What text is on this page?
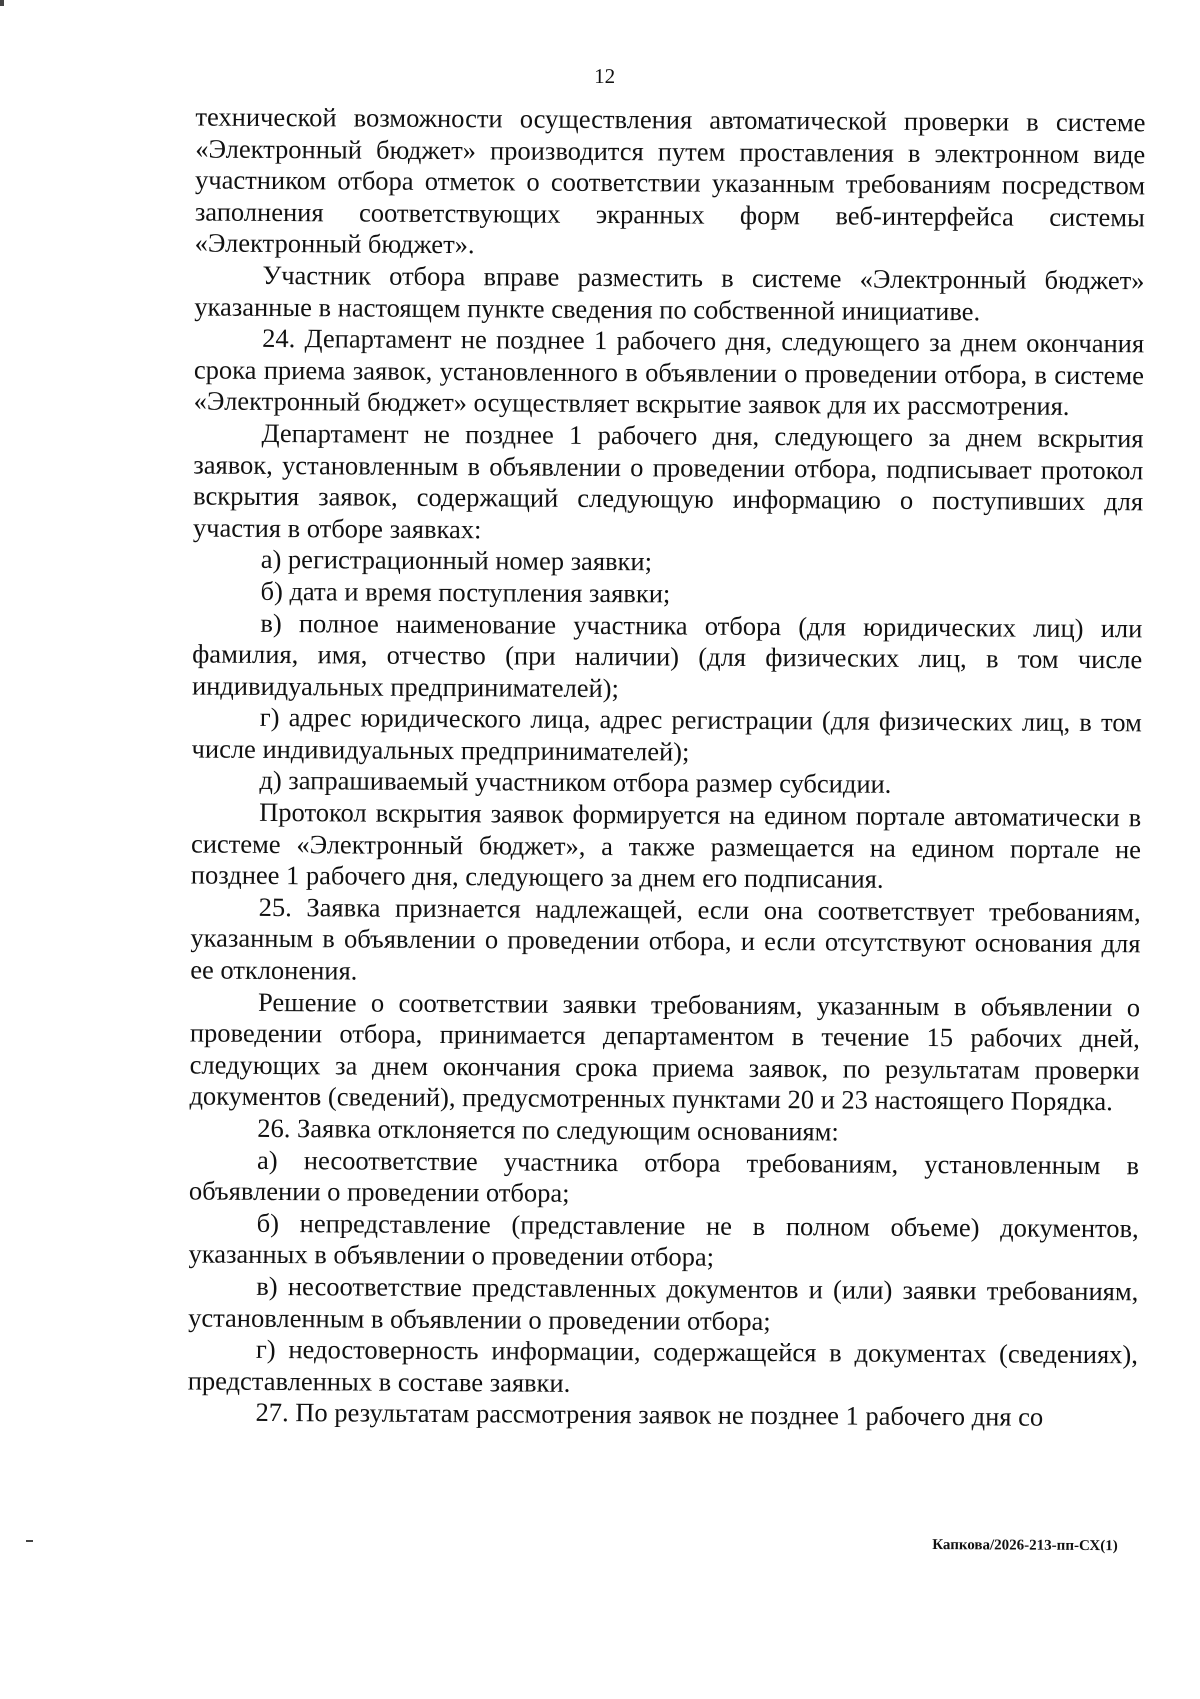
12

технической возможности осуществления автоматической проверки в системе «Электронный бюджет» производится путем проставления в электронном виде участником отбора отметок о соответствии указанным требованиям посредством заполнения соответствующих экранных форм веб-интерфейса системы «Электронный бюджет».

Участник отбора вправе разместить в системе «Электронный бюджет» указанные в настоящем пункте сведения по собственной инициативе.

24. Департамент не позднее 1 рабочего дня, следующего за днем окончания срока приема заявок, установленного в объявлении о проведении отбора, в системе «Электронный бюджет» осуществляет вскрытие заявок для их рассмотрения.

Департамент не позднее 1 рабочего дня, следующего за днем вскрытия заявок, установленным в объявлении о проведении отбора, подписывает протокол вскрытия заявок, содержащий следующую информацию о поступивших для участия в отборе заявках:

а) регистрационный номер заявки;

б) дата и время поступления заявки;

в) полное наименование участника отбора (для юридических лиц) или фамилия, имя, отчество (при наличии) (для физических лиц, в том числе индивидуальных предпринимателей);

г) адрес юридического лица, адрес регистрации (для физических лиц, в том числе индивидуальных предпринимателей);

д) запрашиваемый участником отбора размер субсидии.

Протокол вскрытия заявок формируется на едином портале автоматически в системе «Электронный бюджет», а также размещается на едином портале не позднее 1 рабочего дня, следующего за днем его подписания.

25. Заявка признается надлежащей, если она соответствует требованиям, указанным в объявлении о проведении отбора, и если отсутствуют основания для ее отклонения.

Решение о соответствии заявки требованиям, указанным в объявлении о проведении отбора, принимается департаментом в течение 15 рабочих дней, следующих за днем окончания срока приема заявок, по результатам проверки документов (сведений), предусмотренных пунктами 20 и 23 настоящего Порядка.

26. Заявка отклоняется по следующим основаниям:

а) несоответствие участника отбора требованиям, установленным в объявлении о проведении отбора;

б) непредставление (представление не в полном объеме) документов, указанных в объявлении о проведении отбора;

в) несоответствие представленных документов и (или) заявки требованиям, установленным в объявлении о проведении отбора;

г) недостоверность информации, содержащейся в документах (сведениях), представленных в составе заявки.

27. По результатам рассмотрения заявок не позднее 1 рабочего дня со

Капкова/2026-213-пп-СХ(1)
